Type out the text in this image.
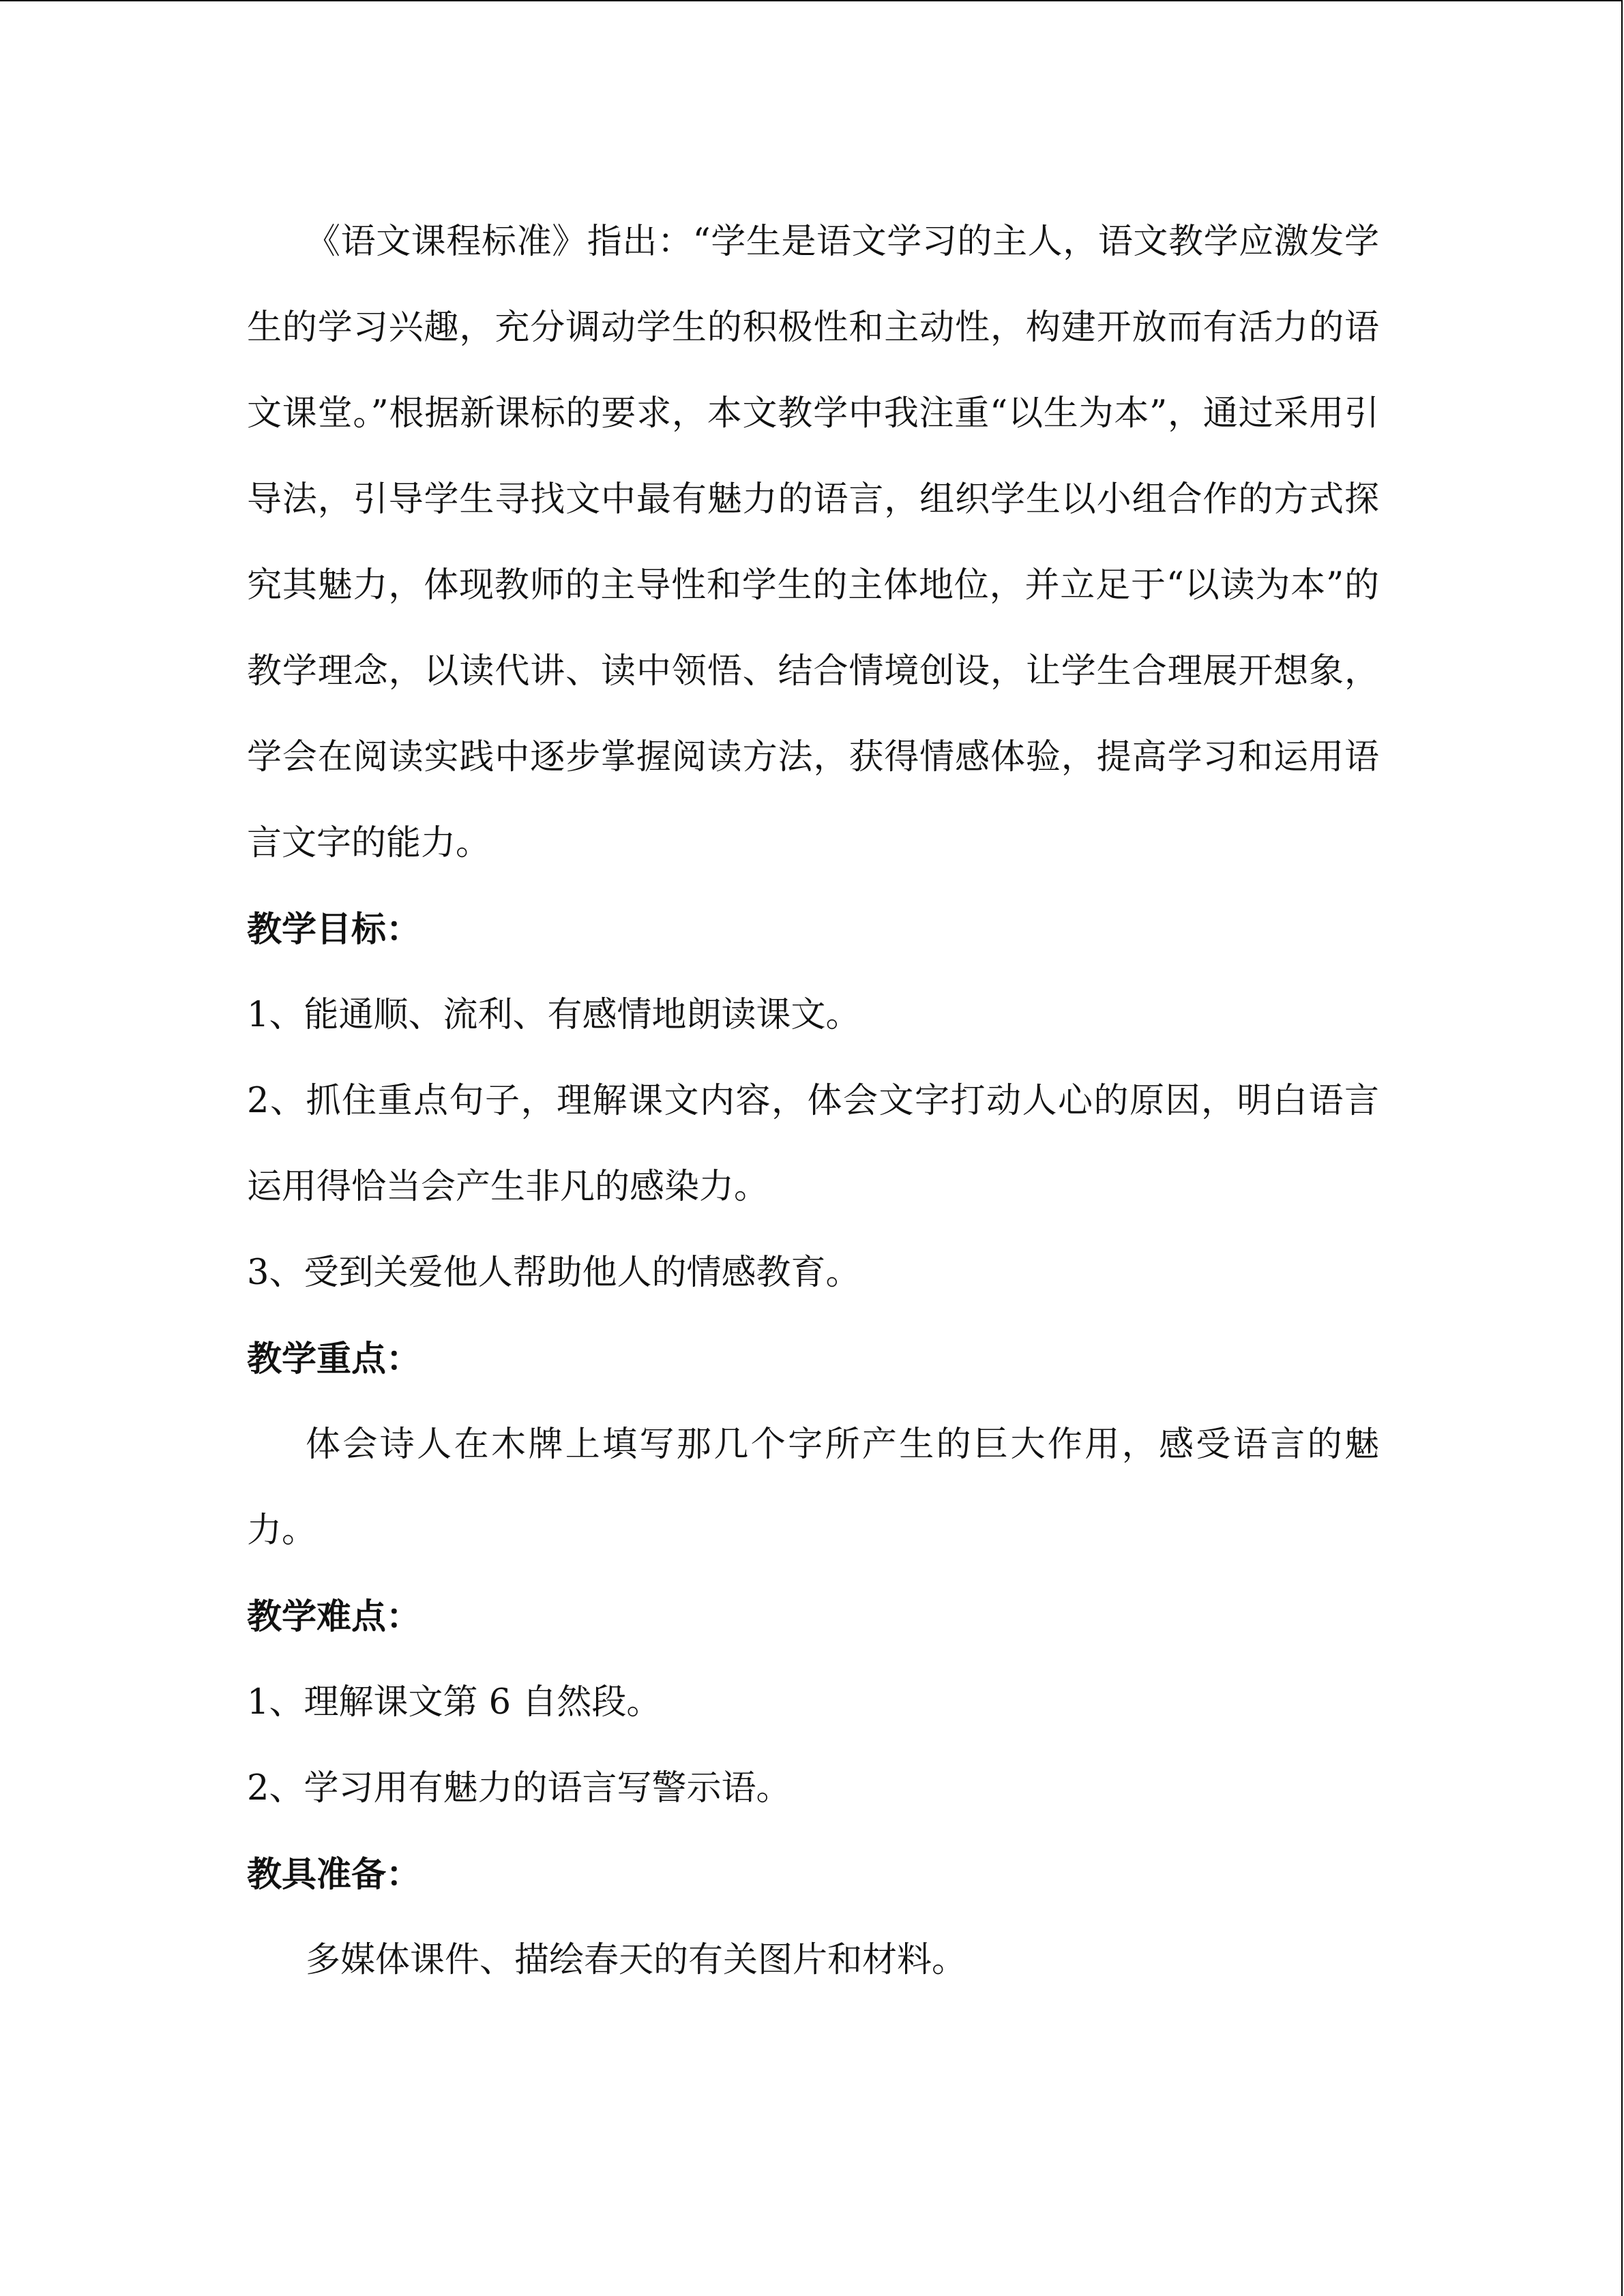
《语文课程标准》指出：“学生是语文学习的主人，语文教学应激发学生的学习兴趣，充分调动学生的积极性和主动性，构建开放而有活力的语文课堂。”根据新课标的要求，本文教学中我注重“以生为本”，通过采用引导法，引导学生寻找文中最有魅力的语言，组织学生以小组合作的方式探究其魅力，体现教师的主导性和学生的主体地位，并立足于“以读为本”的教学理念，以读代讲、读中领悟、结合情境创设，让学生合理展开想象，学会在阅读实践中逐步掌握阅读方法，获得情感体验，提高学习和运用语言文字的能力。

教学目标：

1、能通顺、流利、有感情地朗读课文。

2、抓住重点句子，理解课文内容，体会文字打动人心的原因，明白语言运用得恰当会产生非凡的感染力。

3、受到关爱他人帮助他人的情感教育。

教学重点：

体会诗人在木牌上填写那几个字所产生的巨大作用，感受语言的魅力。

教学难点：

1、理解课文第 6 自然段。

2、学习用有魅力的语言写警示语。

教具准备：

多媒体课件、描绘春天的有关图片和材料。
